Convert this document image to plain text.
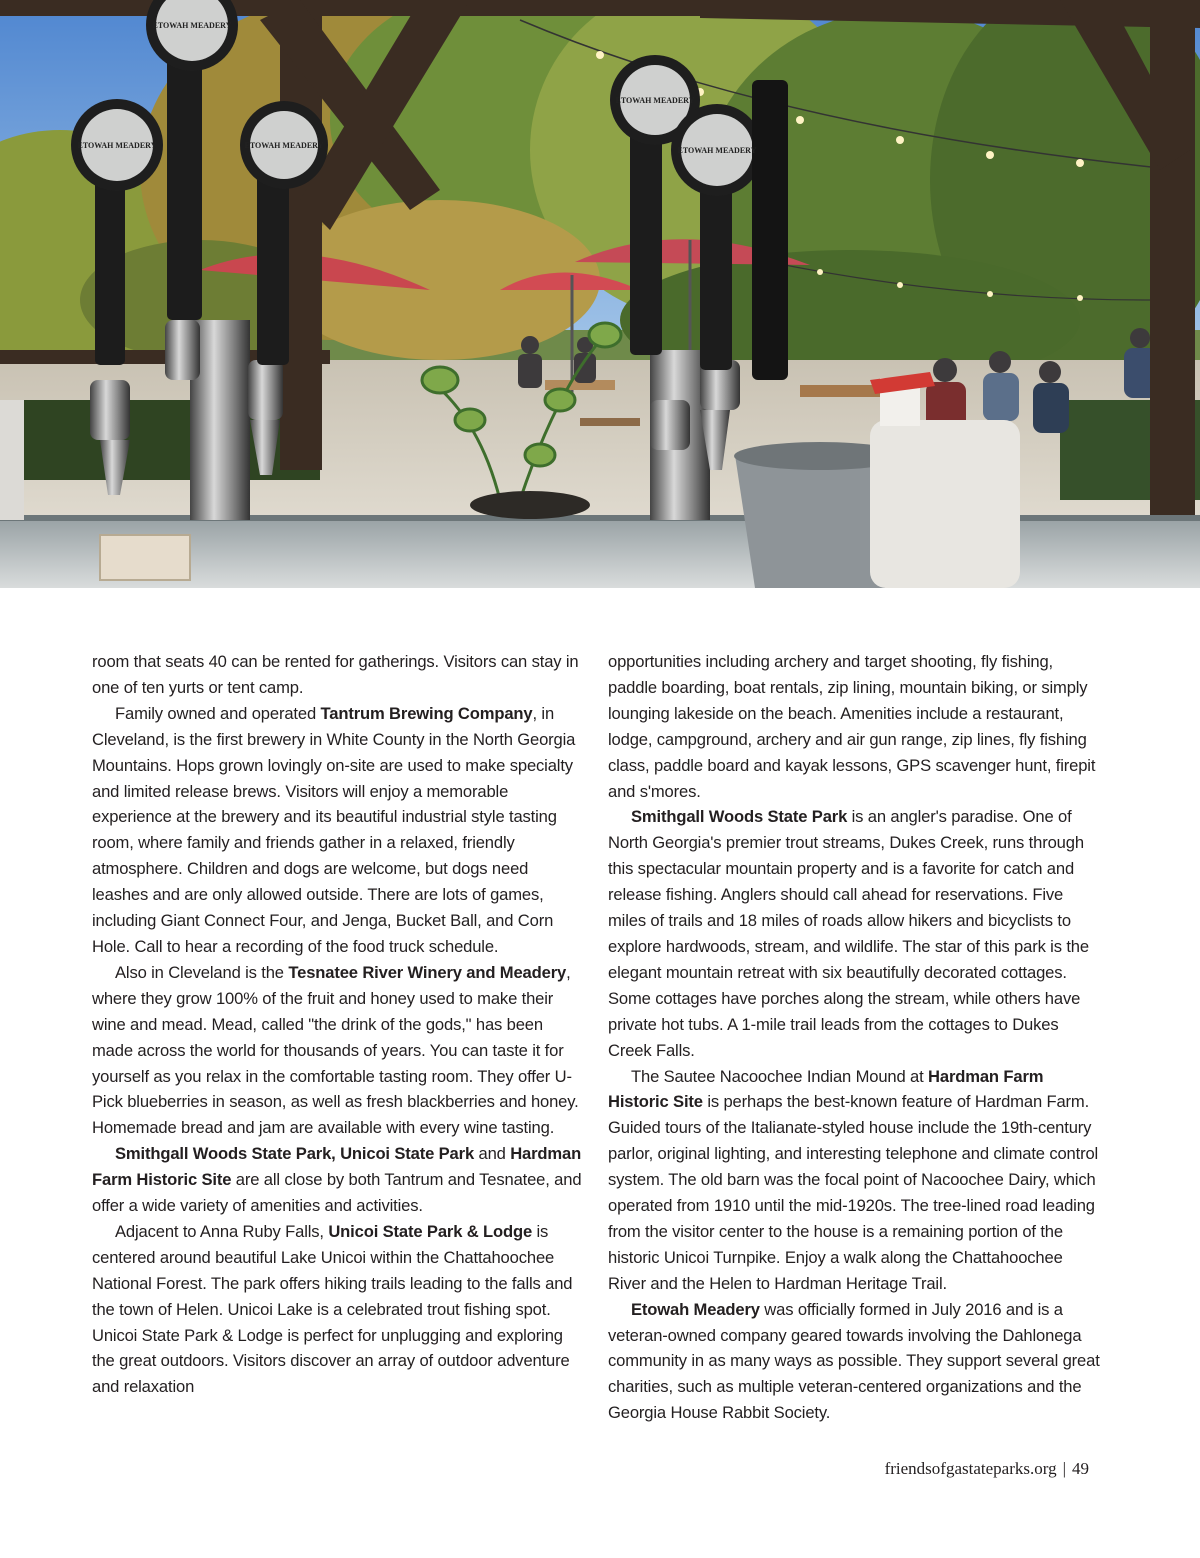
ETOWAH MEADERY
ETOWAH MEADERY
ETOWAH MEADERY
ETOWAH MEADERY
ETOWAH MEADERY

room that seats 40 can be rented for gatherings. Visitors can stay in one of ten yurts or tent camp.

Family owned and operated Tantrum Brewing Company, in Cleveland, is the first brewery in White County in the North Georgia Mountains. Hops grown lovingly on-site are used to make specialty and limited release brews. Visitors will enjoy a memorable experience at the brewery and its beautiful industrial style tasting room, where family and friends gather in a relaxed, friendly atmosphere. Children and dogs are welcome, but dogs need leashes and are only allowed outside. There are lots of games, including Giant Connect Four, and Jenga, Bucket Ball, and Corn Hole. Call to hear a recording of the food truck schedule.

Also in Cleveland is the Tesnatee River Winery and Meadery, where they grow 100% of the fruit and honey used to make their wine and mead. Mead, called "the drink of the gods," has been made across the world for thousands of years. You can taste it for yourself as you relax in the comfortable tasting room. They offer U-Pick blueberries in season, as well as fresh blackberries and honey. Homemade bread and jam are available with every wine tasting.

Smithgall Woods State Park, Unicoi State Park and Hardman Farm Historic Site are all close by both Tantrum and Tesnatee, and offer a wide variety of amenities and activities.

Adjacent to Anna Ruby Falls, Unicoi State Park & Lodge is centered around beautiful Lake Unicoi within the Chattahoochee National Forest. The park offers hiking trails leading to the falls and the town of Helen. Unicoi Lake is a celebrated trout fishing spot. Unicoi State Park & Lodge is perfect for unplugging and exploring the great outdoors. Visitors discover an array of outdoor adventure and relaxation

opportunities including archery and target shooting, fly fishing, paddle boarding, boat rentals, zip lining, mountain biking, or simply lounging lakeside on the beach. Amenities include a restaurant, lodge, campground, archery and air gun range, zip lines, fly fishing class, paddle board and kayak lessons, GPS scavenger hunt, firepit and s'mores.

Smithgall Woods State Park is an angler's paradise. One of North Georgia's premier trout streams, Dukes Creek, runs through this spectacular mountain property and is a favorite for catch and release fishing. Anglers should call ahead for reservations. Five miles of trails and 18 miles of roads allow hikers and bicyclists to explore hardwoods, stream, and wildlife. The star of this park is the elegant mountain retreat with six beautifully decorated cottages. Some cottages have porches along the stream, while others have private hot tubs. A 1-mile trail leads from the cottages to Dukes Creek Falls.

The Sautee Nacoochee Indian Mound at Hardman Farm Historic Site is perhaps the best-known feature of Hardman Farm. Guided tours of the Italianate-styled house include the 19th-century parlor, original lighting, and interesting telephone and climate control system. The old barn was the focal point of Nacoochee Dairy, which operated from 1910 until the mid-1920s. The tree-lined road leading from the visitor center to the house is a remaining portion of the historic Unicoi Turnpike. Enjoy a walk along the Chattahoochee River and the Helen to Hardman Heritage Trail.

Etowah Meadery was officially formed in July 2016 and is a veteran-owned company geared towards involving the Dahlonega community in as many ways as possible. They support several great charities, such as multiple veteran-centered organizations and the Georgia House Rabbit Society.

friendsofgastateparks.org | 49
